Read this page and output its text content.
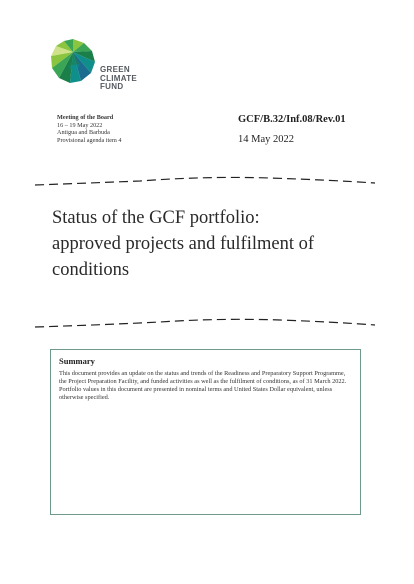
GREEN
CLIMATE
FUND
Meeting of the Board
16 – 19 May 2022
Antigua and Barbuda
Provisional agenda item 4
GCF/B.32/Inf.08/Rev.01
14 May 2022
Status of the GCF portfolio:
approved projects and fulfilment of
conditions
Summary
This document provides an update on the status and trends of the Readiness and Preparatory Support Programme, the Project Preparation Facility, and funded activities as well as the fulfilment of conditions, as of 31 March 2022. Portfolio values in this document are presented in nominal terms and United States Dollar equivalent, unless otherwise specified.
